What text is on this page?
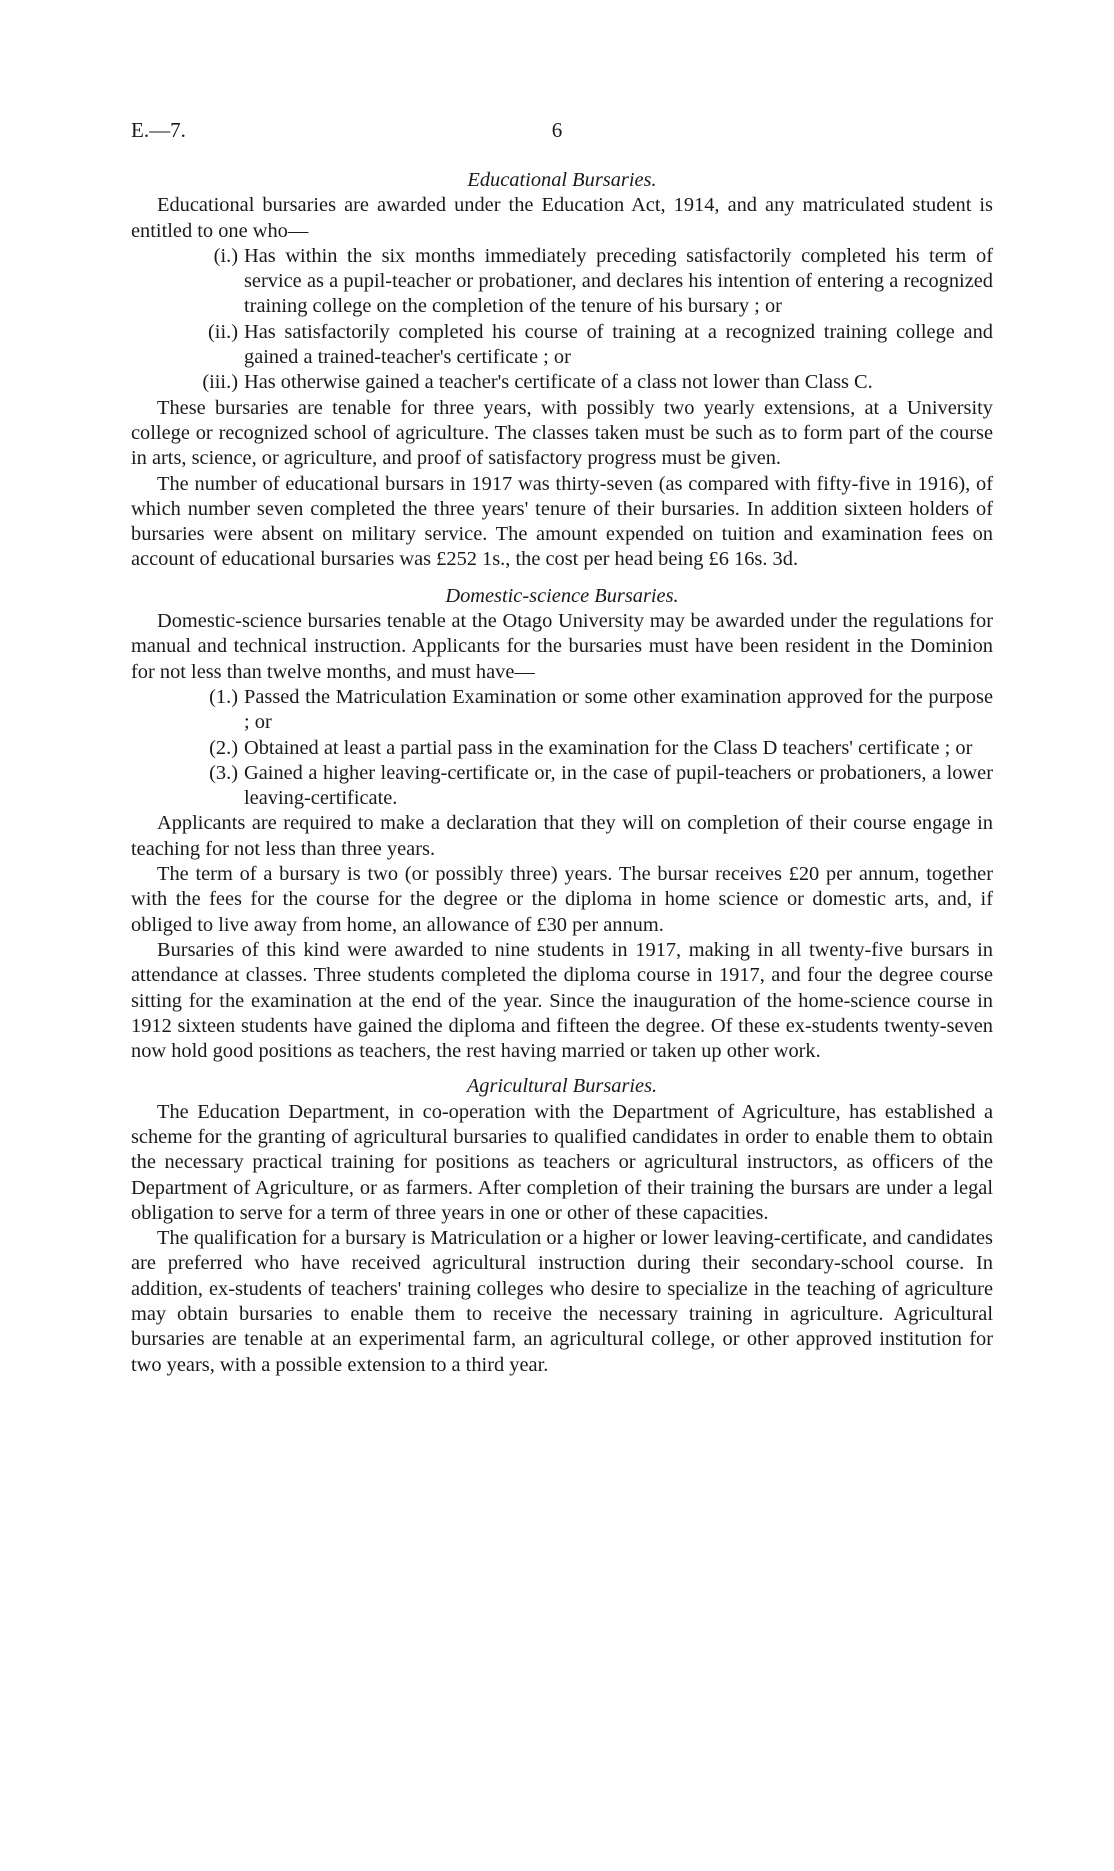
E.—7.	6
Educational Bursaries.

Educational bursaries are awarded under the Education Act, 1914, and any matriculated student is entitled to one who—

(i.) Has within the six months immediately preceding satisfactorily completed his term of service as a pupil-teacher or probationer, and declares his intention of entering a recognized training college on the completion of the tenure of his bursary ; or
(ii.) Has satisfactorily completed his course of training at a recognized training college and gained a trained-teacher's certificate ; or
(iii.) Has otherwise gained a teacher's certificate of a class not lower than Class C.

These bursaries are tenable for three years, with possibly two yearly extensions, at a University college or recognized school of agriculture. The classes taken must be such as to form part of the course in arts, science, or agriculture, and proof of satisfactory progress must be given.

The number of educational bursars in 1917 was thirty-seven (as compared with fifty-five in 1916), of which number seven completed the three years' tenure of their bursaries. In addition sixteen holders of bursaries were absent on military service. The amount expended on tuition and examination fees on account of educational bursaries was £252 1s., the cost per head being £6 16s. 3d.

Domestic-science Bursaries.

Domestic-science bursaries tenable at the Otago University may be awarded under the regulations for manual and technical instruction. Applicants for the bursaries must have been resident in the Dominion for not less than twelve months, and must have—

(1.) Passed the Matriculation Examination or some other examination approved for the purpose ; or
(2.) Obtained at least a partial pass in the examination for the Class D teachers' certificate ; or
(3.) Gained a higher leaving-certificate or, in the case of pupil-teachers or probationers, a lower leaving-certificate.

Applicants are required to make a declaration that they will on completion of their course engage in teaching for not less than three years.

The term of a bursary is two (or possibly three) years. The bursar receives £20 per annum, together with the fees for the course for the degree or the diploma in home science or domestic arts, and, if obliged to live away from home, an allowance of £30 per annum.

Bursaries of this kind were awarded to nine students in 1917, making in all twenty-five bursars in attendance at classes. Three students completed the diploma course in 1917, and four the degree course sitting for the examination at the end of the year. Since the inauguration of the home-science course in 1912 sixteen students have gained the diploma and fifteen the degree. Of these ex-students twenty-seven now hold good positions as teachers, the rest having married or taken up other work.

Agricultural Bursaries.

The Education Department, in co-operation with the Department of Agriculture, has established a scheme for the granting of agricultural bursaries to qualified candidates in order to enable them to obtain the necessary practical training for positions as teachers or agricultural instructors, as officers of the Department of Agriculture, or as farmers. After completion of their training the bursars are under a legal obligation to serve for a term of three years in one or other of these capacities.

The qualification for a bursary is Matriculation or a higher or lower leaving-certificate, and candidates are preferred who have received agricultural instruction during their secondary-school course. In addition, ex-students of teachers' training colleges who desire to specialize in the teaching of agriculture may obtain bursaries to enable them to receive the necessary training in agriculture. Agricultural bursaries are tenable at an experimental farm, an agricultural college, or other approved institution for two years, with a possible extension to a third year.
